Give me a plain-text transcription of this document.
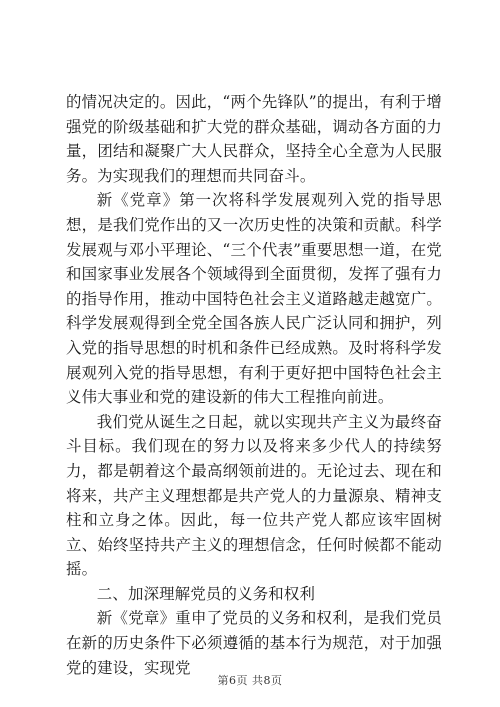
的情况决定的。因此，“两个先锋队”的提出，有利于增强党的阶级基础和扩大党的群众基础，调动各方面的力量，团结和凝聚广大人民群众，坚持全心全意为人民服务。为实现我们的理想而共同奋斗。

新《党章》第一次将科学发展观列入党的指导思想，是我们党作出的又一次历史性的决策和贡献。科学发展观与邓小平理论、“三个代表”重要思想一道，在党和国家事业发展各个领域得到全面贯彻，发挥了强有力的指导作用，推动中国特色社会主义道路越走越宽广。科学发展观得到全党全国各族人民广泛认同和拥护，列入党的指导思想的时机和条件已经成熟。及时将科学发展观列入党的指导思想，有利于更好把中国特色社会主义伟大事业和党的建设新的伟大工程推向前进。

我们党从诞生之日起，就以实现共产主义为最终奋斗目标。我们现在的努力以及将来多少代人的持续努力，都是朝着这个最高纲领前进的。无论过去、现在和将来，共产主义理想都是共产党人的力量源泉、精神支柱和立身之体。因此，每一位共产党人都应该牢固树立、始终坚持共产主义的理想信念，任何时候都不能动摇。

二、加深理解党员的义务和权利

新《党章》重申了党员的义务和权利，是我们党员在新的历史条件下必须遵循的基本行为规范，对于加强党的建设，实现党

第6页 共8页
